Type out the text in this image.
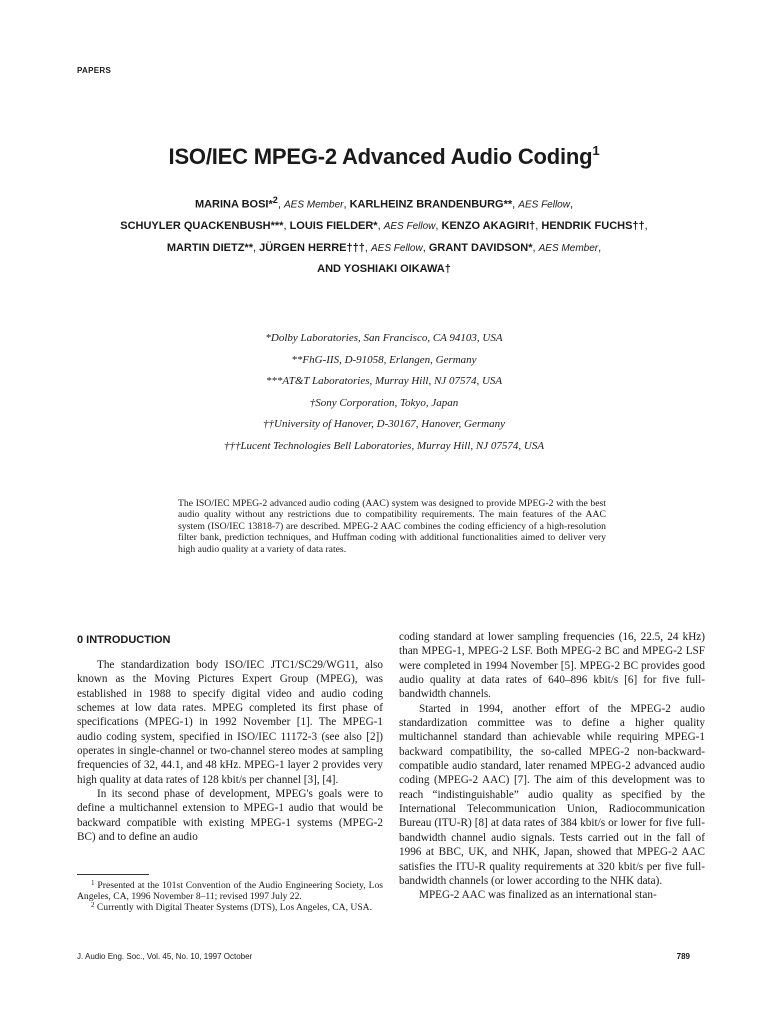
PAPERS
ISO/IEC MPEG-2 Advanced Audio Coding$^1$
MARINA BOSI*$^2$, AES Member, KARLHEINZ BRANDENBURG**, AES Fellow,
SCHUYLER QUACKENBUSH***, LOUIS FIELDER*, AES Fellow, KENZO AKAGIRI†, HENDRIK FUCHS††,
MARTIN DIETZ**, JÜRGEN HERRE†††, AES Fellow, GRANT DAVIDSON*, AES Member,
AND YOSHIAKI OIKAWA†
*Dolby Laboratories, San Francisco, CA 94103, USA
**FhG-IIS, D-91058, Erlangen, Germany
***AT&T Laboratories, Murray Hill, NJ 07574, USA
†Sony Corporation, Tokyo, Japan
††University of Hanover, D-30167, Hanover, Germany
†††Lucent Technologies Bell Laboratories, Murray Hill, NJ 07574, USA

The ISO/IEC MPEG-2 advanced audio coding (AAC) system was designed to provide MPEG-2 with the best audio quality without any restrictions due to compatibility requirements. The main features of the AAC system (ISO/IEC 13818-7) are described. MPEG-2 AAC combines the coding efficiency of a high-resolution filter bank, prediction techniques, and Huffman coding with additional functionalities aimed to deliver very high audio quality at a variety of data rates.

0 INTRODUCTION

The standardization body ISO/IEC JTC1/SC29/WG11, also known as the Moving Pictures Expert Group (MPEG), was established in 1988 to specify digital video and audio coding schemes at low data rates. MPEG completed its first phase of specifications (MPEG-1) in 1992 November [1]. The MPEG-1 audio coding system, specified in ISO/IEC 11172-3 (see also [2]) operates in single-channel or two-channel stereo modes at sampling frequencies of 32, 44.1, and 48 kHz. MPEG-1 layer 2 provides very high quality at data rates of 128 kbit/s per channel [3], [4].

In its second phase of development, MPEG's goals were to define a multichannel extension to MPEG-1 audio that would be backward compatible with existing MPEG-1 systems (MPEG-2 BC) and to define an audio

$^1$ Presented at the 101st Convention of the Audio Engineering Society, Los Angeles, CA, 1996 November 8–11; revised 1997 July 22.

$^2$ Currently with Digital Theater Systems (DTS), Los Angeles, CA, USA.

coding standard at lower sampling frequencies (16, 22.5, 24 kHz) than MPEG-1, MPEG-2 LSF. Both MPEG-2 BC and MPEG-2 LSF were completed in 1994 November [5]. MPEG-2 BC provides good audio quality at data rates of 640–896 kbit/s [6] for five full-bandwidth channels.

Started in 1994, another effort of the MPEG-2 audio standardization committee was to define a higher quality multichannel standard than achievable while requiring MPEG-1 backward compatibility, the so-called MPEG-2 non-backward-compatible audio standard, later renamed MPEG-2 advanced audio coding (MPEG-2 AAC) [7]. The aim of this development was to reach “indistinguishable” audio quality as specified by the International Telecommunication Union, Radiocommunication Bureau (ITU-R) [8] at data rates of 384 kbit/s or lower for five full-bandwidth channel audio signals. Tests carried out in the fall of 1996 at BBC, UK, and NHK, Japan, showed that MPEG-2 AAC satisfies the ITU-R quality requirements at 320 kbit/s per five full-bandwidth channels (or lower according to the NHK data).

MPEG-2 AAC was finalized as an international stan-

J. Audio Eng. Soc., Vol. 45, No. 10, 1997 October	789
